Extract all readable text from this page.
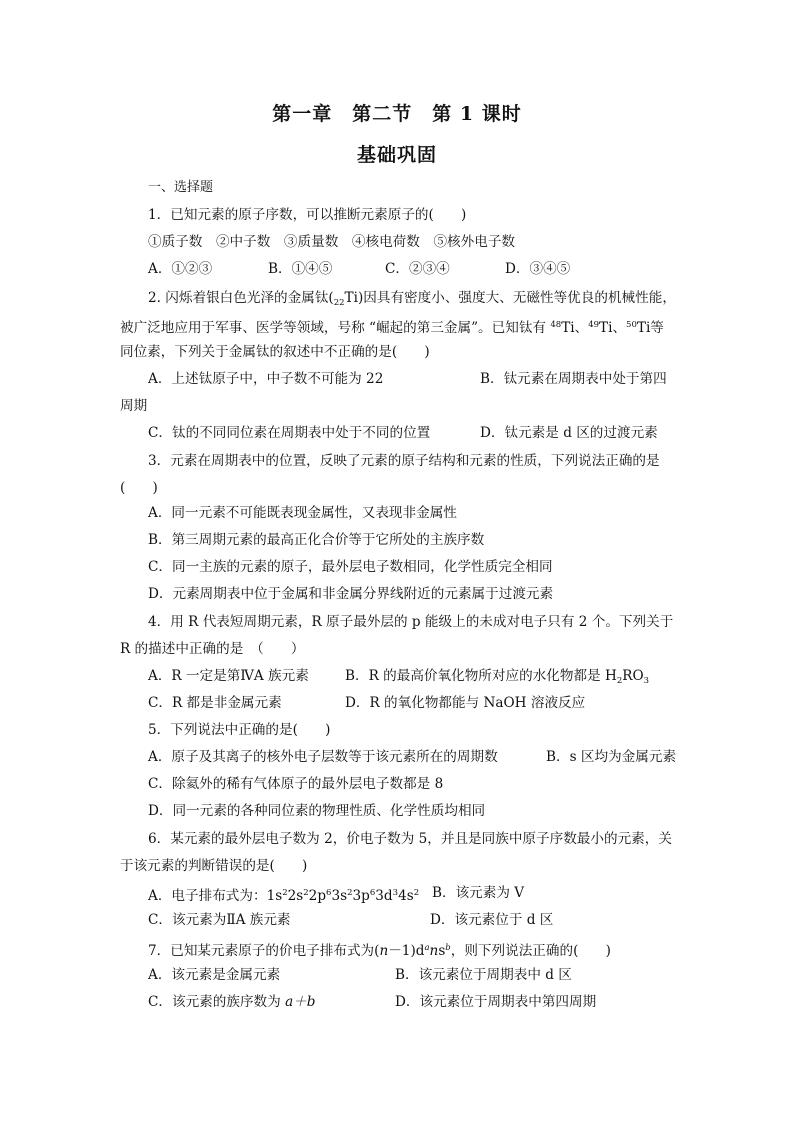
第一章　第二节　第 1 课时
基础巩固
一、选择题
1．已知元素的原子序数，可以推断元素原子的(　　)
①质子数　②中子数　③质量数　④核电荷数　⑤核外电子数
A．①②③	B．①④⑤	C．②③④	D．③④⑤
2. 闪烁着银白色光泽的金属钛$(_{22}Ti)$因具有密度小、强度大、无磁性等优良的机械性能，
被广泛地应用于军事、医学等领域，号称 “崛起的第三金属”。已知钛有 $^{48}$Ti、$^{49}$Ti、$^{50}$Ti等
同位素，下列关于金属钛的叙述中不正确的是(　　)
A．上述钛原子中，中子数不可能为 22	B．钛元素在周期表中处于第四
周期
C．钛的不同同位素在周期表中处于不同的位置	D．钛元素是 d 区的过渡元素
3．元素在周期表中的位置，反映了元素的原子结构和元素的性质，下列说法正确的是
(　　)
A．同一元素不可能既表现金属性，又表现非金属性
B．第三周期元素的最高正化合价等于它所处的主族序数
C．同一主族的元素的原子，最外层电子数相同，化学性质完全相同
D．元素周期表中位于金属和非金属分界线附近的元素属于过渡元素
4．用 R 代表短周期元素，R 原子最外层的 p 能级上的未成对电子只有 2 个。下列关于
R 的描述中正确的是　（　　）
A．R 一定是第ⅣA 族元素	B．R 的最高价氧化物所对应的水化物都是 $H_2RO_3$
C．R 都是非金属元素	D．R 的氧化物都能与 NaOH 溶液反应
5．下列说法中正确的是(　　)
A．原子及其离子的核外电子层数等于该元素所在的周期数	B．s 区均为金属元素
C．除氦外的稀有气体原子的最外层电子数都是 8
D．同一元素的各种同位素的物理性质、化学性质均相同
6．某元素的最外层电子数为 2，价电子数为 5，并且是同族中原子序数最小的元素，关
于该元素的判断错误的是(　　)
A．电子排布式为：$1s^22s^22p^63s^23p^63d^34s^2$ B．该元素为 V
C．该元素为ⅡA 族元素	D．该元素位于 d 区
7．已知某元素原子的价电子排布式为$(n-1)d^ans^b$，则下列说法正确的(　　)
A．该元素是金属元素	B．该元素位于周期表中 d 区
C．该元素的族序数为 a＋b	D．该元素位于周期表中第四周期
